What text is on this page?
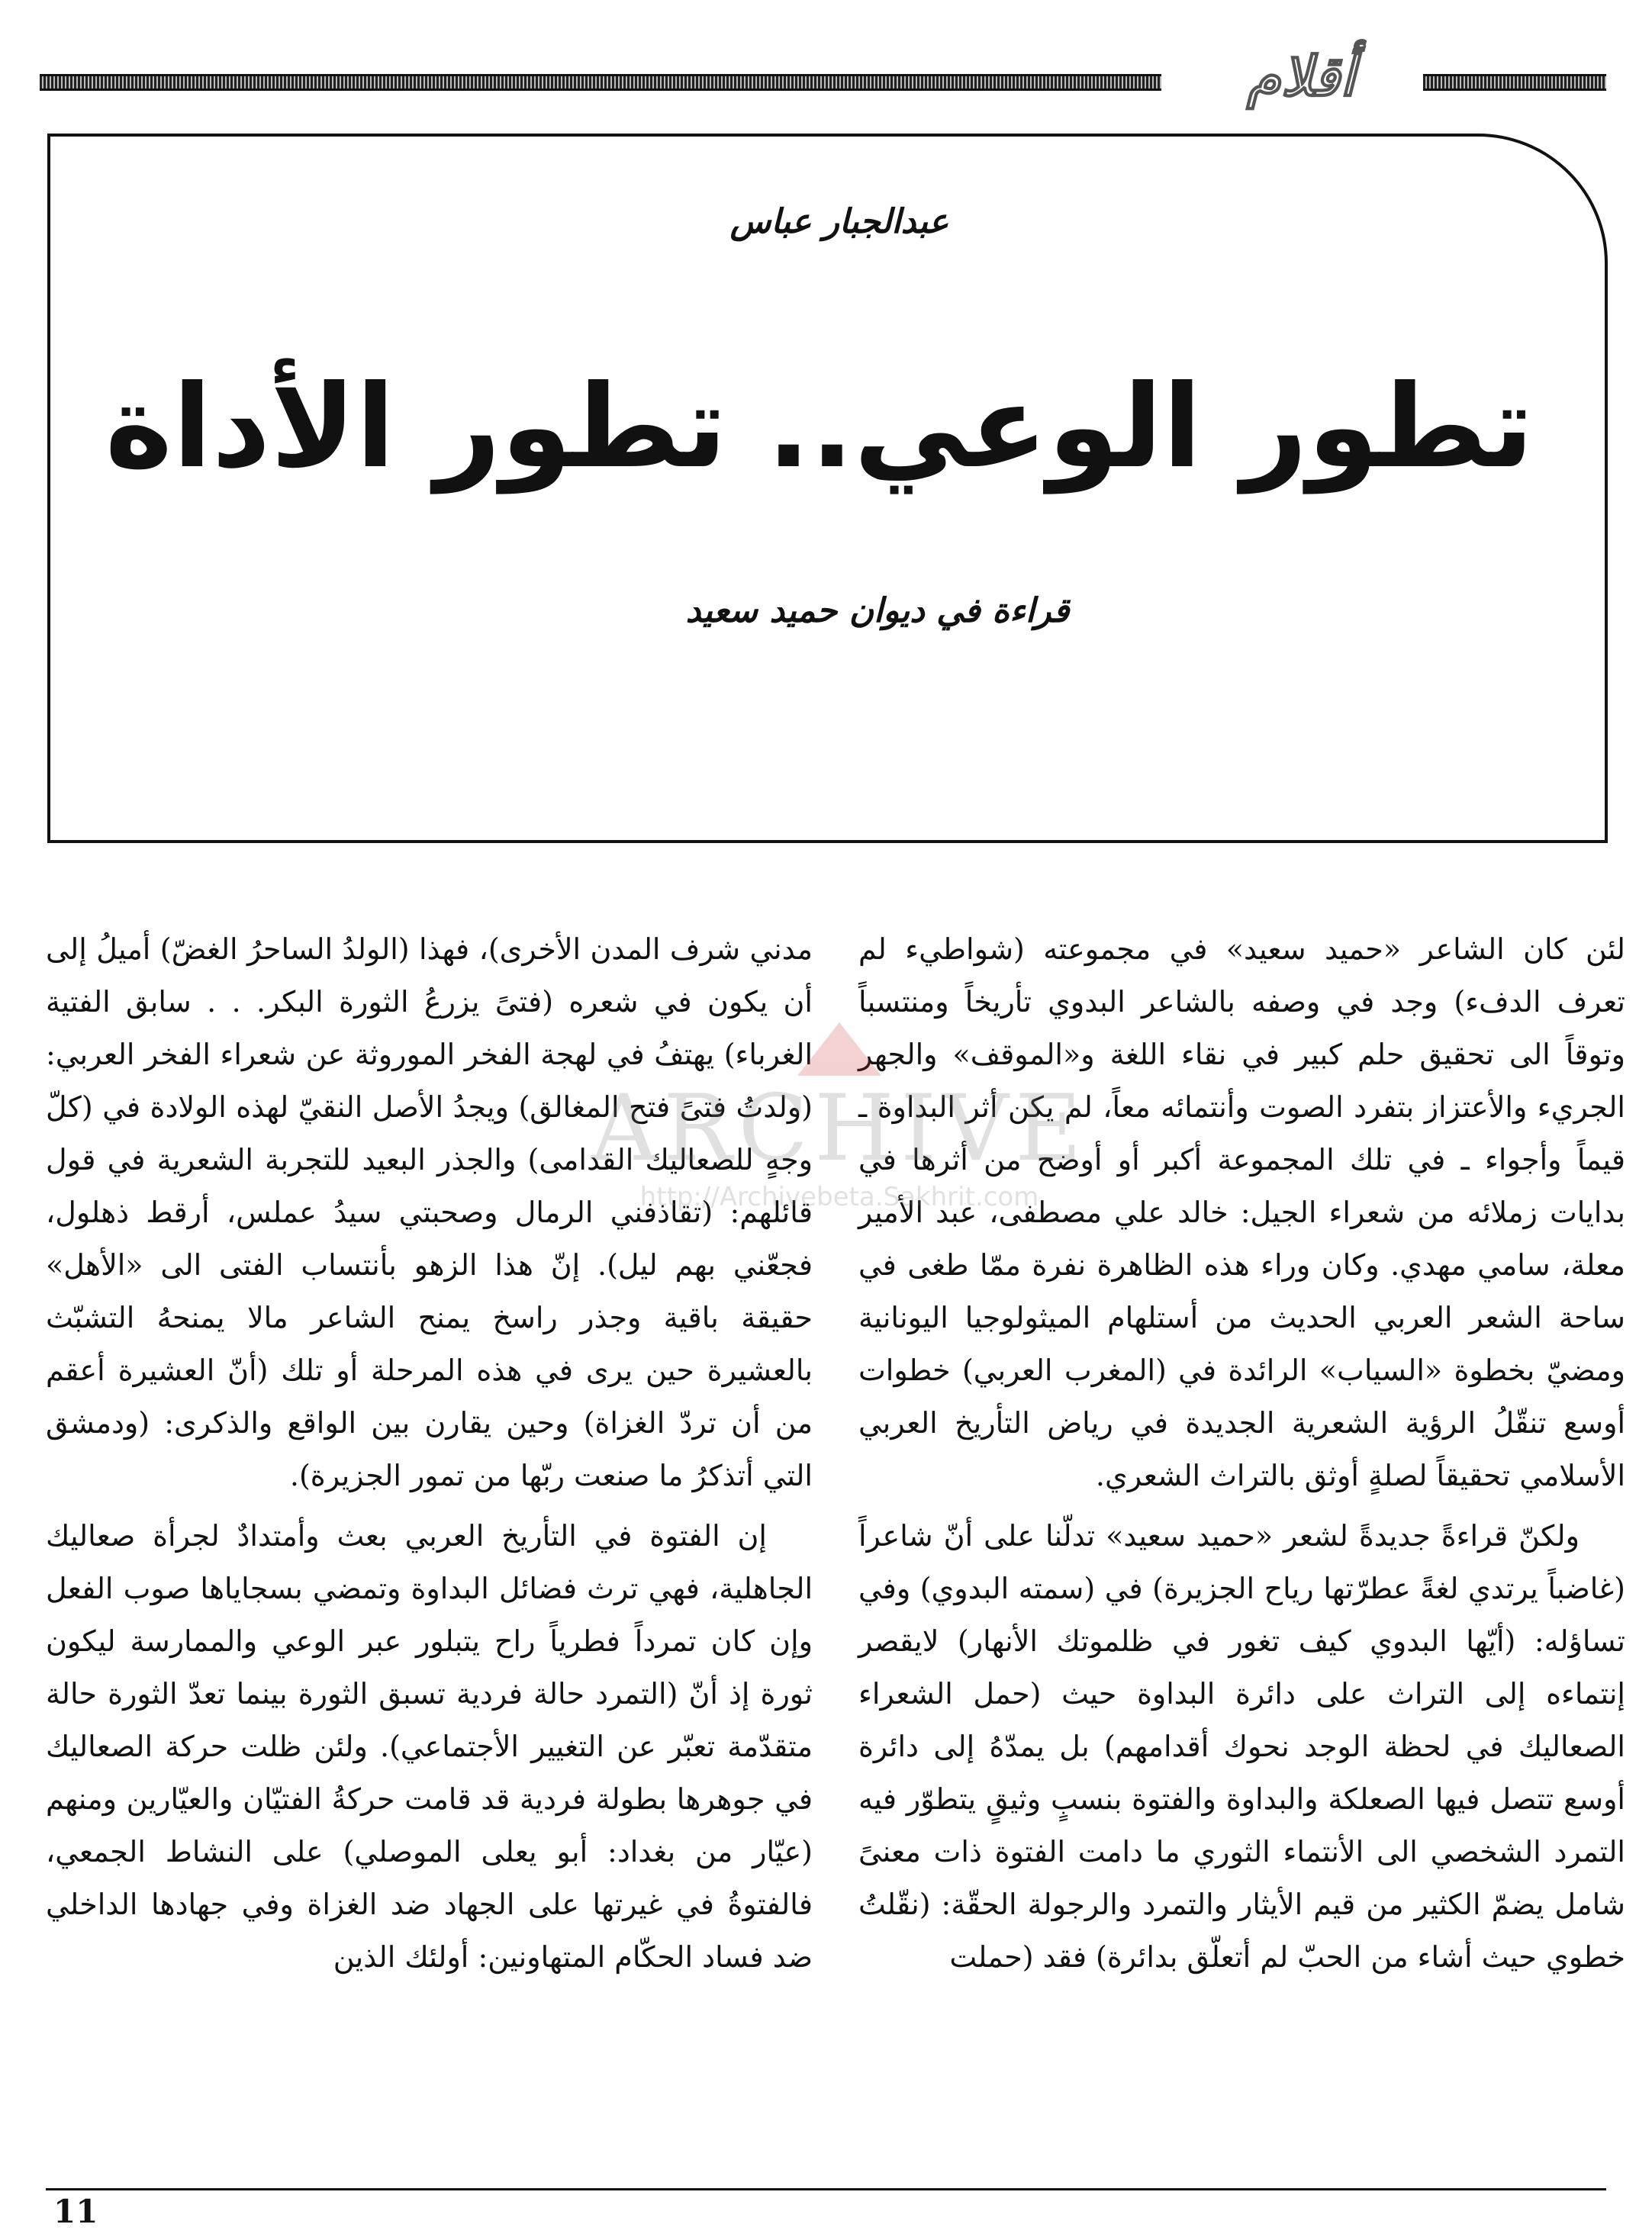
أقلام
عبدالجبار عباس
تطور الوعي.. تطور الأداة
قراءة في ديوان حميد سعيد

لئن كان الشاعر «حميد سعيد» في مجموعته (شواطيء لم تعرف الدفء) وجد في وصفه بالشاعر البدوي تأريخاً ومنتسباً وتوقاً الى تحقيق حلم كبير في نقاء اللغة و«الموقف» والجهر الجريء والأعتزاز بتفرد الصوت وأنتمائه معاً، لم يكن أثر البداوة ـ قيماً وأجواء ـ في تلك المجموعة أكبر أو أوضح من أثرها في بدايات زملائه من شعراء الجيل: خالد علي مصطفى، عبد الأمير معلة، سامي مهدي. وكان وراء هذه الظاهرة نفرة ممّا طغى في ساحة الشعر العربي الحديث من أستلهام الميثولوجيا اليونانية ومضيّ بخطوة «السياب» الرائدة في (المغرب العربي) خطوات أوسع تنقّلُ الرؤية الشعرية الجديدة في رياض التأريخ العربي الأسلامي تحقيقاً لصلةٍ أوثق بالتراث الشعري.

ولكنّ قراءةً جديدةً لشعر «حميد سعيد» تدلّنا على أنّ شاعراً (غاضباً يرتدي لغةً عطرّتها رياح الجزيرة) في (سمته البدوي) وفي تساؤله: (أيّها البدوي كيف تغور في ظلموتك الأنهار) لايقصر إنتماءه إلى التراث على دائرة البداوة حيث (حمل الشعراء الصعاليك في لحظة الوجد نحوك أقدامهم) بل يمدّهُ إلى دائرة أوسع تتصل فيها الصعلكة والبداوة والفتوة بنسبٍ وثيقٍ يتطوّر فيه التمرد الشخصي الى الأنتماء الثوري ما دامت الفتوة ذات معنىً شامل يضمّ الكثير من قيم الأيثار والتمرد والرجولة الحقّة: (نقّلتُ خطوي حيث أشاء من الحبّ لم أتعلّق بدائرة) فقد (حملت

مدني شرف المدن الأخرى)، فهذا (الولدُ الساحرُ الغضّ) أميلُ إلى أن يكون في شعره (فتىً يزرعُ الثورة البكر. . . سابق الفتية الغرباء) يهتفُ في لهجة الفخر الموروثة عن شعراء الفخر العربي: (ولدتُ فتىً فتح المغالق) ويجدُ الأصل النقيّ لهذه الولادة في (كلّ وجهٍ للصعاليك القدامى) والجذر البعيد للتجربة الشعرية في قول قائلهم: (تقاذفني الرمال وصحبتي سيدُ عملس، أرقط ذهلول، فجعّني بهم ليل). إنّ هذا الزهو بأنتساب الفتى الى «الأهل» حقيقة باقية وجذر راسخ يمنح الشاعر مالا يمنحهُ التشبّث بالعشيرة حين يرى في هذه المرحلة أو تلك (أنّ العشيرة أعقم من أن تردّ الغزاة) وحين يقارن بين الواقع والذكرى: (ودمشق التي أتذكرُ ما صنعت ربّها من تمور الجزيرة).

إن الفتوة في التأريخ العربي بعث وأمتدادٌ لجرأة صعاليك الجاهلية، فهي ترث فضائل البداوة وتمضي بسجاياها صوب الفعل وإن كان تمرداً فطرياً راح يتبلور عبر الوعي والممارسة ليكون ثورة إذ أنّ (التمرد حالة فردية تسبق الثورة بينما تعدّ الثورة حالة متقدّمة تعبّر عن التغيير الأجتماعي). ولئن ظلت حركة الصعاليك في جوهرها بطولة فردية قد قامت حركةُ الفتيّان والعيّارين ومنهم (عيّار من بغداد: أبو يعلى الموصلي) على النشاط الجمعي، فالفتوةُ في غيرتها على الجهاد ضد الغزاة وفي جهادها الداخلي ضد فساد الحكّام المتهاونين: أولئك الذين

ARCHIVE
http://Archivebeta.Sakhrit.com
11
